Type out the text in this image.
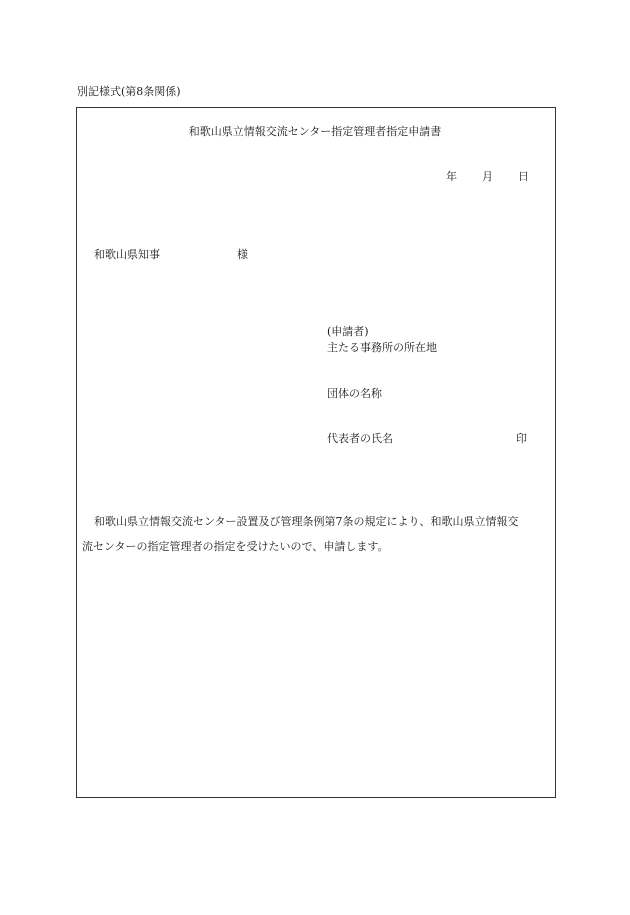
別記様式(第8条関係)
和歌山県立情報交流センター指定管理者指定申請書
年 月 日
和歌山県知事	様
(申請者)
主たる事務所の所在地
団体の名称
代表者の氏名	印
和歌山県立情報交流センター設置及び管理条例第7条の規定により、和歌山県立情報交
流センターの指定管理者の指定を受けたいので、申請します。
